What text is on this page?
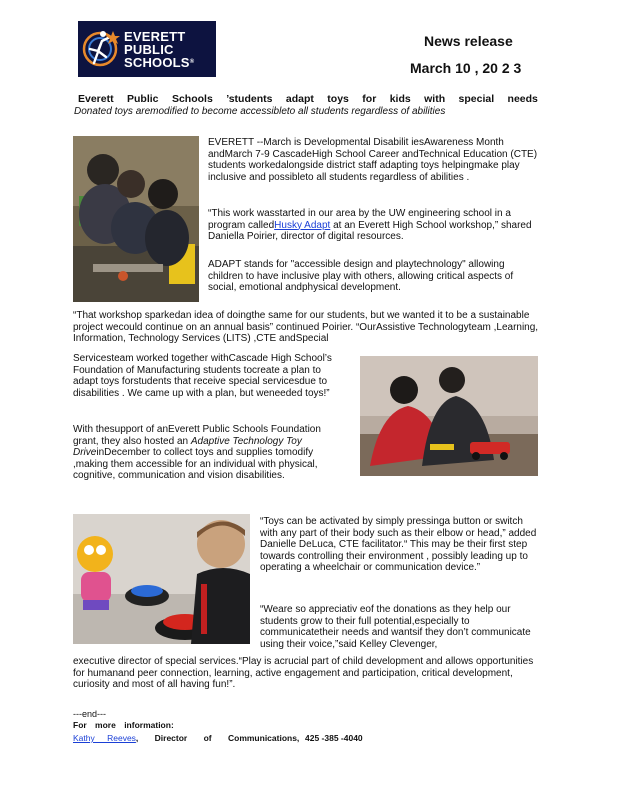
EVERETT
PUBLIC
SCHOOLS®
News release
March 10 , 20 2 3
Everett Public Schools ’students adapt toys for kids with special needs
Donated toys aremodified to become accessibleto all students regardless of abilities

EVERETT --March is Developmental Disabilit iesAwareness Month andMarch 7-9 CascadeHigh School Career andTechnical Education (CTE) students workedalongside district staff adapting toys helpingmake play inclusive and possibleto all students regardless of abilities .

“This work wasstarted in our area by the UW engineering school in a program calledHusky Adapt at an Everett High School workshop,” shared Daniella Poirier, director of digital resources.

ADAPT stands for "accessible design and playtechnology" allowing children to have inclusive play with others, allowing critical aspects of social, emotional andphysical development.

“That workshop sparkedan idea of doingthe same for our students, but we wanted it to be a sustainable project wecould continue on an annual basis” continued Poirier. “OurAssistive Technologyteam ,Learning, Information, Technology Services (LITS) ,CTE andSpecial

Servicesteam worked together withCascade High School’s Foundation of Manufacturing students tocreate a plan to adapt toys forstudents that receive special servicesdue to disabilities . We came up with a plan, but weneeded toys!”

With thesupport of anEverett Public Schools Foundation grant, they also hosted an Adaptive Technology Toy DriveinDecember to collect toys and supplies tomodify ,making them accessible for an individual with physical, cognitive, communication and vision disabilities.

“Toys can be activated by simply pressinga button or switch with any part of their body such as their elbow or head,” added Danielle DeLuca, CTE facilitator.“ This may be their first step towards controlling their environment , possibly leading up to operating a wheelchair or communication device.”

“Weare so appreciativ eof the donations as they help our students grow to their full potential,especially to communicatetheir needs and wantsif they don’t communicate using their voice,”said Kelley Clevenger,

executive director of special services.“Play is acrucial part of child development and allows opportunities for humanand peer connection, learning, active engagement and participation, critical development, curiosity and most of all having fun!”.

---end---
For more information:
Kathy Reeves, Director of Communications, 425 -385 -4040
